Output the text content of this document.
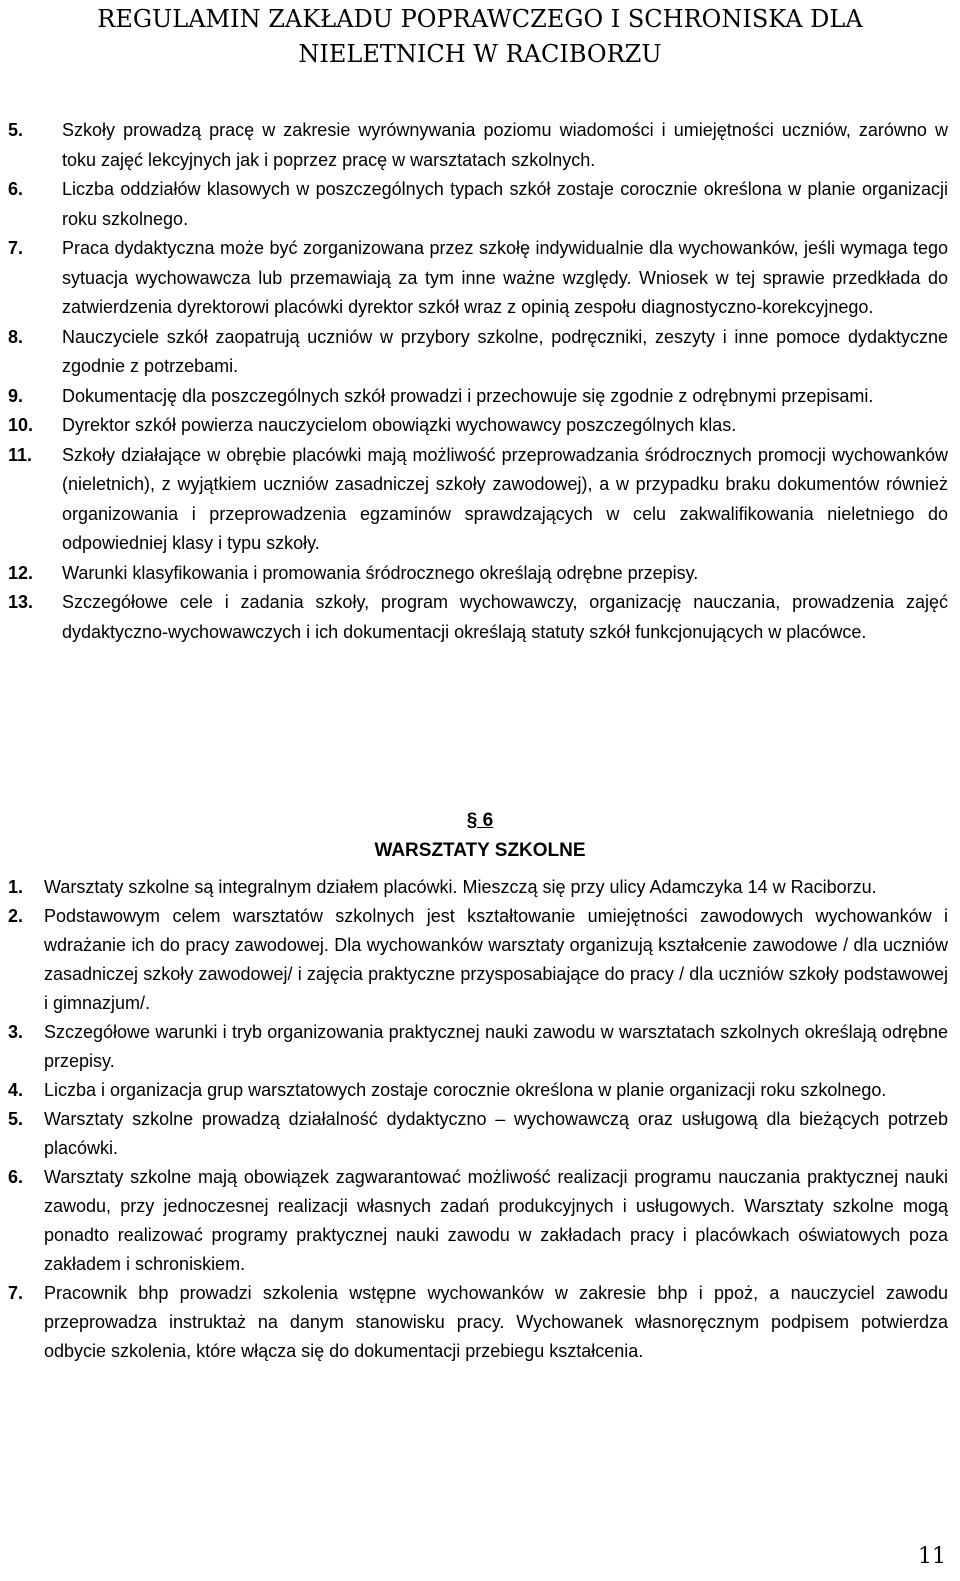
REGULAMIN ZAKŁADU POPRAWCZEGO I SCHRONISKA DLA
NIELETNICH W RACIBORZU
5.	Szkoły prowadzą pracę w zakresie wyrównywania poziomu wiadomości i umiejętności uczniów, zarówno w toku zajęć lekcyjnych jak i poprzez pracę w warsztatach szkolnych.
6.	Liczba oddziałów klasowych w poszczególnych typach szkół zostaje corocznie określona w planie organizacji roku szkolnego.
7.	Praca dydaktyczna może być zorganizowana przez szkołę indywidualnie dla wychowanków, jeśli wymaga tego sytuacja wychowawcza lub przemawiają za tym inne ważne względy. Wniosek w tej sprawie przedkłada do zatwierdzenia dyrektorowi placówki dyrektor szkół wraz z opinią zespołu diagnostyczno-korekcyjnego.
8.	Nauczyciele szkół zaopatrują uczniów w przybory szkolne, podręczniki, zeszyty i inne pomoce dydaktyczne zgodnie z potrzebami.
9.	Dokumentację dla poszczególnych szkół prowadzi i przechowuje się zgodnie z odrębnymi przepisami.
10.	Dyrektor szkół powierza nauczycielom obowiązki wychowawcy poszczególnych klas.
11.	Szkoły działające w obrębie placówki mają możliwość przeprowadzania śródrocznych promocji wychowanków (nieletnich), z wyjątkiem uczniów zasadniczej szkoły zawodowej), a w przypadku braku dokumentów również organizowania i przeprowadzenia egzaminów sprawdzających w celu zakwalifikowania nieletniego do odpowiedniej klasy i typu szkoły.
12.	Warunki klasyfikowania i promowania śródrocznego określają odrębne przepisy.
13.	Szczegółowe cele i zadania szkoły, program wychowawczy, organizację nauczania, prowadzenia zajęć dydaktyczno-wychowawczych i ich dokumentacji określają statuty szkół funkcjonujących w placówce.
§ 6
WARSZTATY SZKOLNE
1.	Warsztaty szkolne są integralnym działem placówki. Mieszczą się przy ulicy Adamczyka 14 w Raciborzu.
2.	Podstawowym celem warsztatów szkolnych jest kształtowanie umiejętności zawodowych wychowanków i wdrażanie ich do pracy zawodowej. Dla wychowanków warsztaty organizują kształcenie zawodowe / dla uczniów zasadniczej szkoły zawodowej/ i zajęcia praktyczne przysposabiające do pracy / dla uczniów szkoły podstawowej i gimnazjum/.
3.	Szczegółowe warunki i tryb organizowania praktycznej nauki zawodu w warsztatach szkolnych określają odrębne przepisy.
4.	Liczba i organizacja grup warsztatowych zostaje corocznie określona w planie organizacji roku szkolnego.
5.	Warsztaty szkolne prowadzą działalność dydaktyczno – wychowawczą oraz usługową dla bieżących potrzeb placówki.
6.	Warsztaty szkolne mają obowiązek zagwarantować możliwość realizacji programu nauczania praktycznej nauki zawodu, przy jednoczesnej realizacji własnych zadań produkcyjnych i usługowych. Warsztaty szkolne mogą ponadto realizować programy praktycznej nauki zawodu w zakładach pracy i placówkach oświatowych poza zakładem i schroniskiem.
7.	Pracownik bhp prowadzi szkolenia wstępne wychowanków w zakresie bhp i ppoż, a nauczyciel zawodu przeprowadza instruktaż na danym stanowisku pracy. Wychowanek własnoręcznym podpisem potwierdza odbycie szkolenia, które włącza się do dokumentacji przebiegu kształcenia.
11
